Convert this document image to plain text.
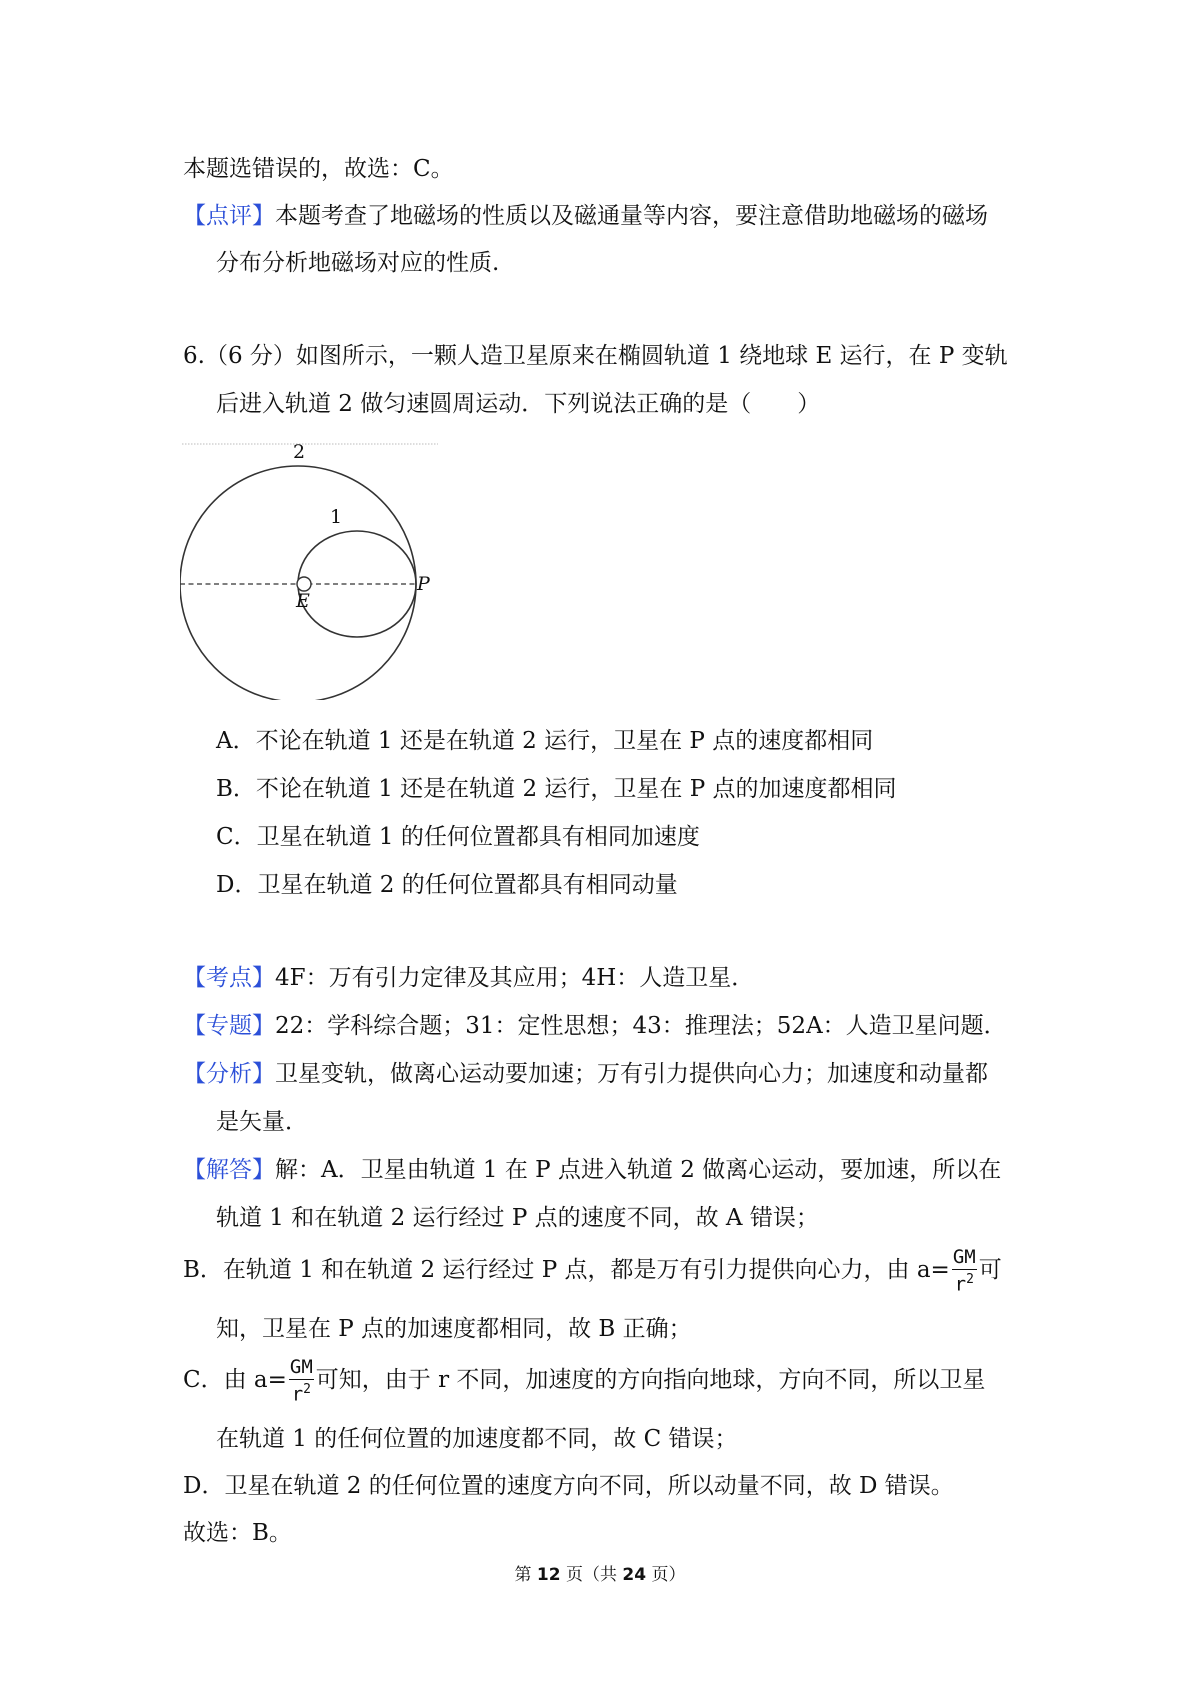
本题选错误的，故选：C。
【点评】本题考查了地磁场的性质以及磁通量等内容，要注意借助地磁场的磁场
分布分析地磁场对应的性质.
6.（6 分）如图所示，一颗人造卫星原来在椭圆轨道 1 绕地球 E 运行，在 P 变轨
后进入轨道 2 做匀速圆周运动．下列说法正确的是（　　）
2
1
E
P
A．不论在轨道 1 还是在轨道 2 运行，卫星在 P 点的速度都相同
B．不论在轨道 1 还是在轨道 2 运行，卫星在 P 点的加速度都相同
C．卫星在轨道 1 的任何位置都具有相同加速度
D．卫星在轨道 2 的任何位置都具有相同动量
【考点】4F：万有引力定律及其应用；4H：人造卫星．
【专题】22：学科综合题；31：定性思想；43：推理法；52A：人造卫星问题．
【分析】卫星变轨，做离心运动要加速；万有引力提供向心力；加速度和动量都
是矢量．
【解答】解：A．卫星由轨道 1 在 P 点进入轨道 2 做离心运动，要加速，所以在
轨道 1 和在轨道 2 运行经过 P 点的速度不同，故 A 错误；
B．在轨道 1 和在轨道 2 运行经过 P 点，都是万有引力提供向心力，由 $a= \frac{GM}{r^2}$ 可
知，卫星在 P 点的加速度都相同，故 B 正确；
C．由 $a= \frac{GM}{r^2}$ 可知，由于 r 不同，加速度的方向指向地球，方向不同，所以卫星
在轨道 1 的任何位置的加速度都不同，故 C 错误；
D．卫星在轨道 2 的任何位置的速度方向不同，所以动量不同，故 D 错误。
故选：B。
第 12 页（共 24 页）
